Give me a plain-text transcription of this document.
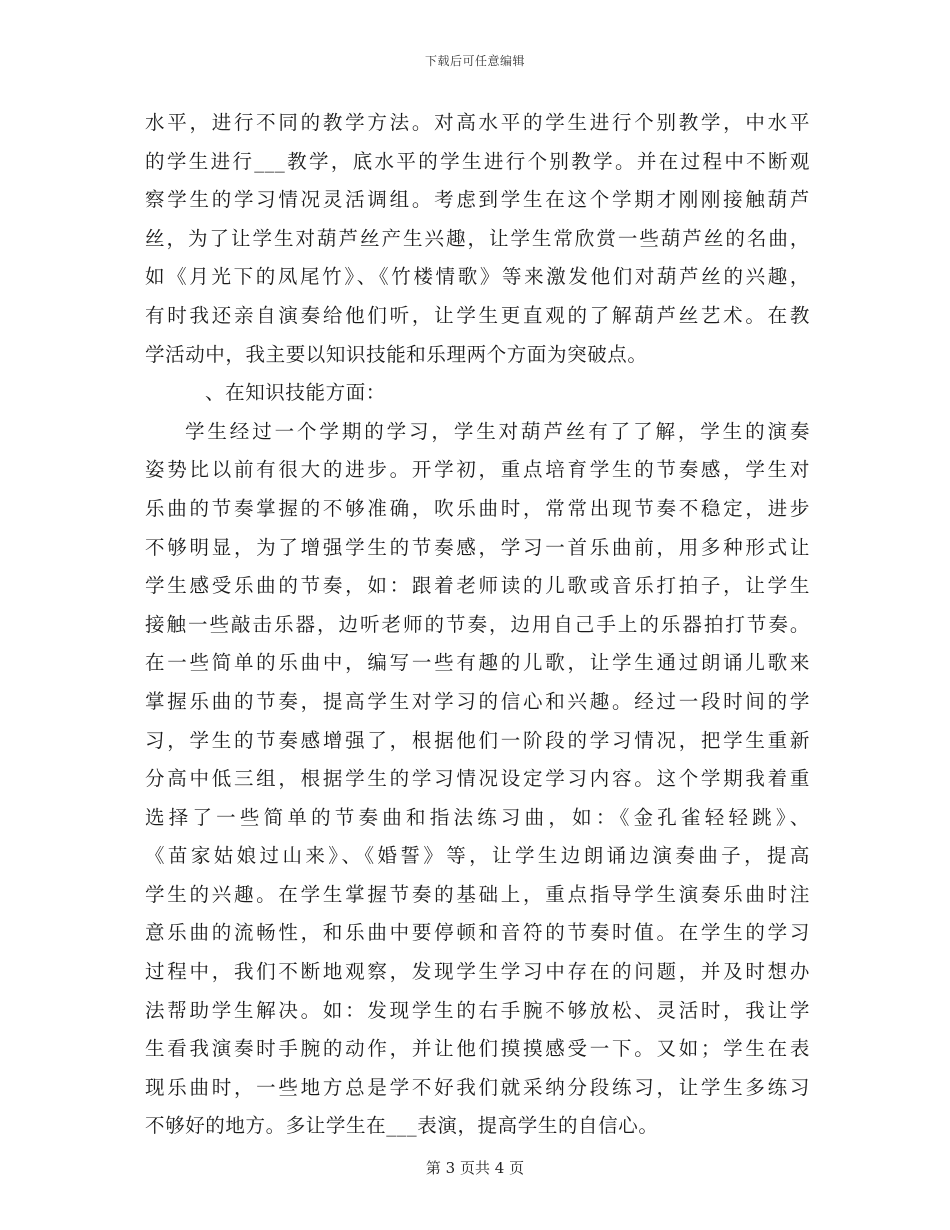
下载后可任意编辑
水平，进行不同的教学方法。对高水平的学生进行个别教学，中水平
的学生进行___教学，底水平的学生进行个别教学。并在过程中不断观
察学生的学习情况灵活调组。考虑到学生在这个学期才刚刚接触葫芦
丝，为了让学生对葫芦丝产生兴趣，让学生常欣赏一些葫芦丝的名曲，
如《月光下的凤尾竹》、《竹楼情歌》等来激发他们对葫芦丝的兴趣，
有时我还亲自演奏给他们听，让学生更直观的了解葫芦丝艺术。在教
学活动中，我主要以知识技能和乐理两个方面为突破点。
、在知识技能方面：
学生经过一个学期的学习，学生对葫芦丝有了了解，学生的演奏
姿势比以前有很大的进步。开学初，重点培育学生的节奏感，学生对
乐曲的节奏掌握的不够准确，吹乐曲时，常常出现节奏不稳定，进步
不够明显，为了增强学生的节奏感，学习一首乐曲前，用多种形式让
学生感受乐曲的节奏，如：跟着老师读的儿歌或音乐打拍子，让学生
接触一些敲击乐器，边听老师的节奏，边用自己手上的乐器拍打节奏。
在一些简单的乐曲中，编写一些有趣的儿歌，让学生通过朗诵儿歌来
掌握乐曲的节奏，提高学生对学习的信心和兴趣。经过一段时间的学
习，学生的节奏感增强了，根据他们一阶段的学习情况，把学生重新
分高中低三组，根据学生的学习情况设定学习内容。这个学期我着重
选择了一些简单的节奏曲和指法练习曲，如：《金孔雀轻轻跳》、
《苗家姑娘过山来》、《婚誓》等，让学生边朗诵边演奏曲子，提高
学生的兴趣。在学生掌握节奏的基础上，重点指导学生演奏乐曲时注
意乐曲的流畅性，和乐曲中要停顿和音符的节奏时值。在学生的学习
过程中，我们不断地观察，发现学生学习中存在的问题，并及时想办
法帮助学生解决。如：发现学生的右手腕不够放松、灵活时，我让学
生看我演奏时手腕的动作，并让他们摸摸感受一下。又如；学生在表
现乐曲时，一些地方总是学不好我们就采纳分段练习，让学生多练习
不够好的地方。多让学生在___表演，提高学生的自信心。
第 3 页共 4 页
